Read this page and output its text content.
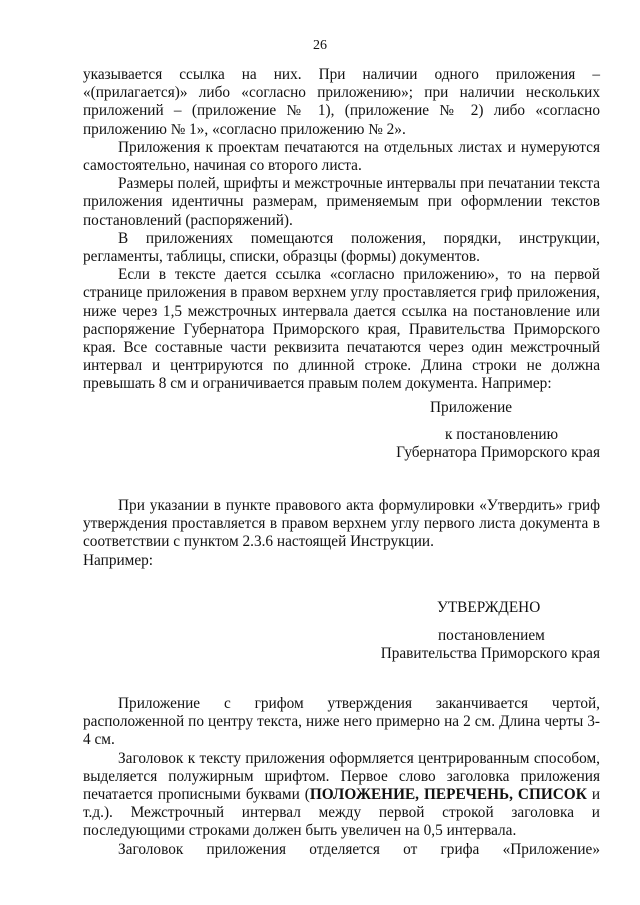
26

указывается ссылка на них. При наличии одного приложения – «(прилагается)» либо «согласно приложению»; при наличии нескольких приложений – (приложение № 1), (приложение № 2) либо «согласно приложению № 1», «согласно приложению № 2».

Приложения к проектам печатаются на отдельных листах и нумеруются самостоятельно, начиная со второго листа.

Размеры полей, шрифты и межстрочные интервалы при печатании текста приложения идентичны размерам, применяемым при оформлении текстов постановлений (распоряжений).

В приложениях помещаются положения, порядки, инструкции, регламенты, таблицы, списки, образцы (формы) документов.

Если в тексте дается ссылка «согласно приложению», то на первой странице приложения в правом верхнем углу проставляется гриф приложения, ниже через 1,5 межстрочных интервала дается ссылка на постановление или распоряжение Губернатора Приморского края, Правительства Приморского края. Все составные части реквизита печатаются через один межстрочный интервал и центрируются по длинной строке. Длина строки не должна превышать 8 см и ограничивается правым полем документа. Например:

Приложение
к постановлению
Губернатора Приморского края

При указании в пункте правового акта формулировки «Утвердить» гриф утверждения проставляется в правом верхнем углу первого листа документа в соответствии с пунктом 2.3.6 настоящей Инструкции.

Например:

УТВЕРЖДЕНО
постановлением
Правительства Приморского края

Приложение с грифом утверждения заканчивается чертой, расположенной по центру текста, ниже него примерно на 2 см. Длина черты 3-4 см.

Заголовок к тексту приложения оформляется центрированным способом, выделяется полужирным шрифтом. Первое слово заголовка приложения печатается прописными буквами (ПОЛОЖЕНИЕ, ПЕРЕЧЕНЬ, СПИСОК и т.д.). Межстрочный интервал между первой строкой заголовка и последующими строками должен быть увеличен на 0,5 интервала.

Заголовок приложения отделяется от грифа «Приложение»
